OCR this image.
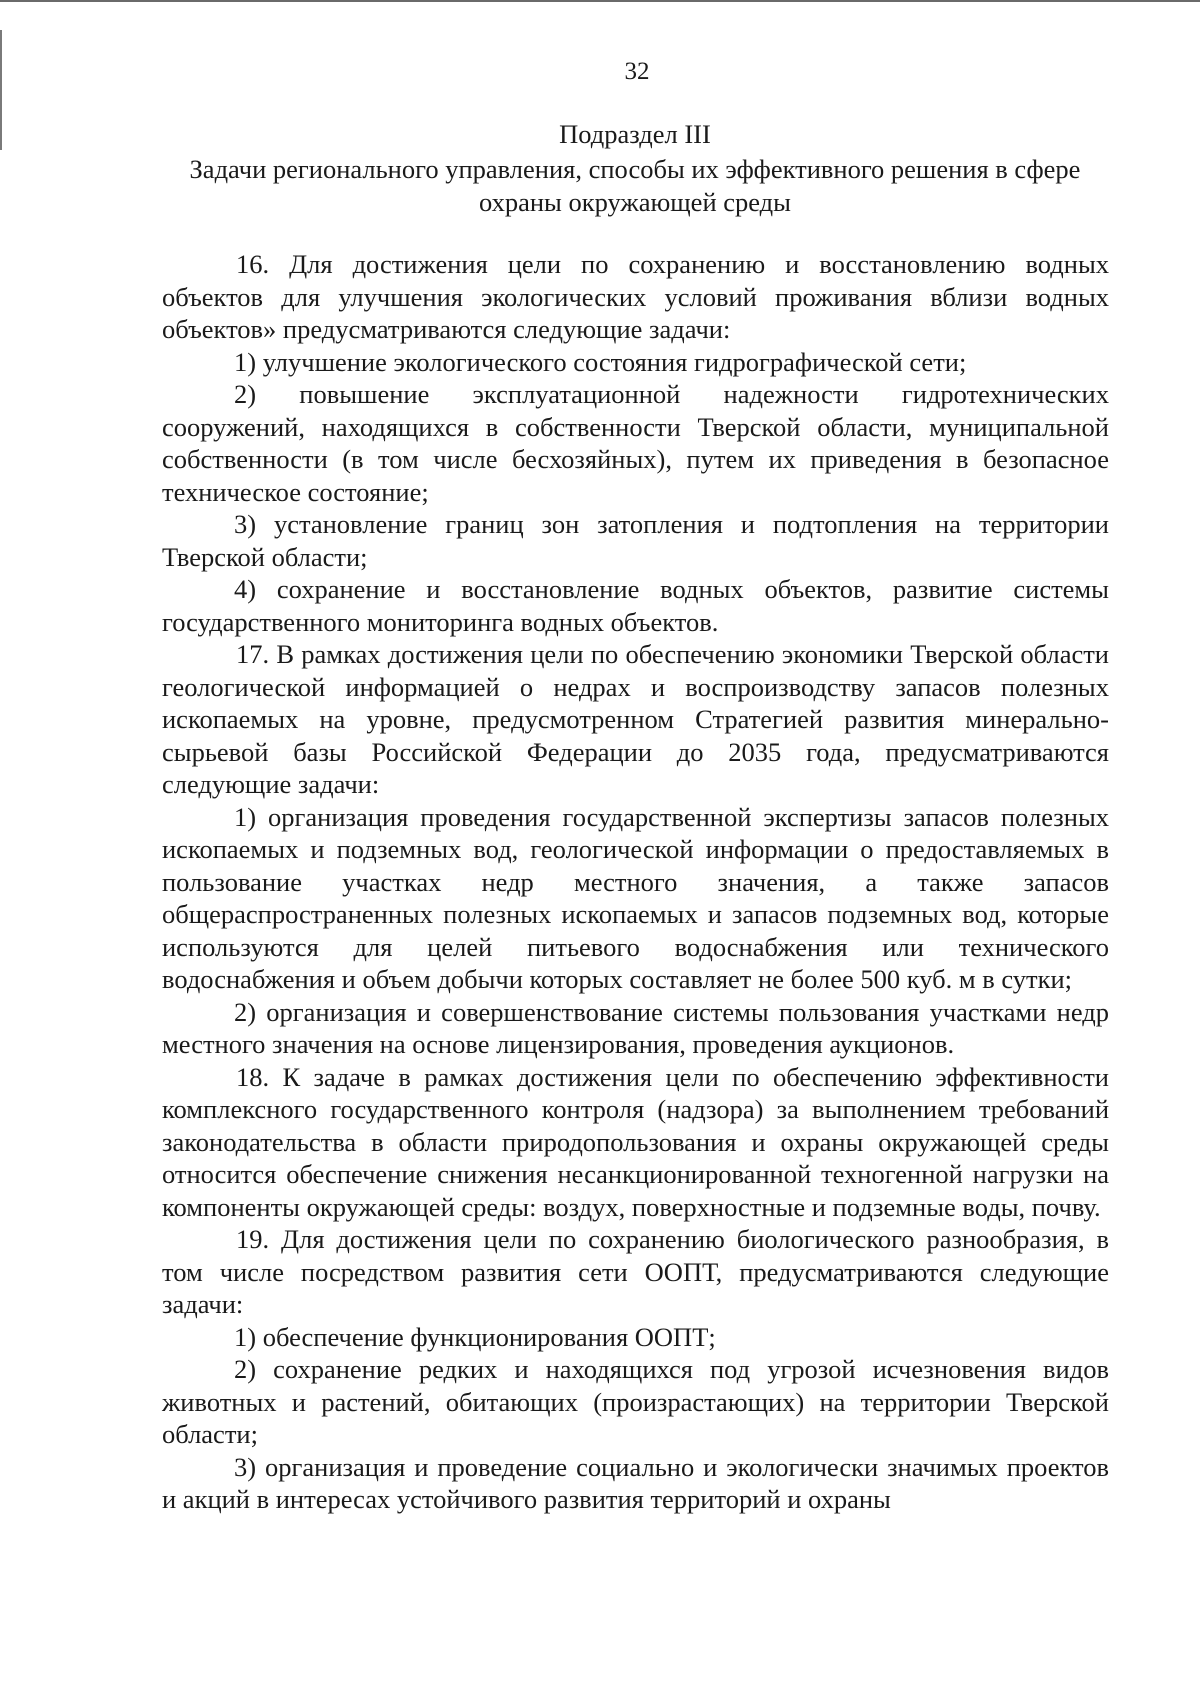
32
Подраздел III
Задачи регионального управления, способы их эффективного решения в сфере охраны окружающей среды

16. Для достижения цели по сохранению и восстановлению водных объектов для улучшения экологических условий проживания вблизи водных объектов» предусматриваются следующие задачи:

1) улучшение экологического состояния гидрографической сети;

2) повышение эксплуатационной надежности гидротехнических сооружений, находящихся в собственности Тверской области, муниципальной собственности (в том числе бесхозяйных), путем их приведения в безопасное техническое состояние;

3) установление границ зон затопления и подтопления на территории Тверской области;

4) сохранение и восстановление водных объектов, развитие системы государственного мониторинга водных объектов.

17. В рамках достижения цели по обеспечению экономики Тверской области геологической информацией о недрах и воспроизводству запасов полезных ископаемых на уровне, предусмотренном Стратегией развития минерально-сырьевой базы Российской Федерации до 2035 года, предусматриваются следующие задачи:

1) организация проведения государственной экспертизы запасов полезных ископаемых и подземных вод, геологической информации о предоставляемых в пользование участках недр местного значения, а также запасов общераспространенных полезных ископаемых и запасов подземных вод, которые используются для целей питьевого водоснабжения или технического водоснабжения и объем добычи которых составляет не более 500 куб. м в сутки;

2) организация и совершенствование системы пользования участками недр местного значения на основе лицензирования, проведения аукционов.

18. К задаче в рамках достижения цели по обеспечению эффективности комплексного государственного контроля (надзора) за выполнением требований законодательства в области природопользования и охраны окружающей среды относится обеспечение снижения несанкционированной техногенной нагрузки на компоненты окружающей среды: воздух, поверхностные и подземные воды, почву.

19. Для достижения цели по сохранению биологического разнообразия, в том числе посредством развития сети ООПТ, предусматриваются следующие задачи:

1) обеспечение функционирования ООПТ;

2) сохранение редких и находящихся под угрозой исчезновения видов животных и растений, обитающих (произрастающих) на территории Тверской области;

3) организация и проведение социально и экологически значимых проектов и акций в интересах устойчивого развития территорий и охраны
